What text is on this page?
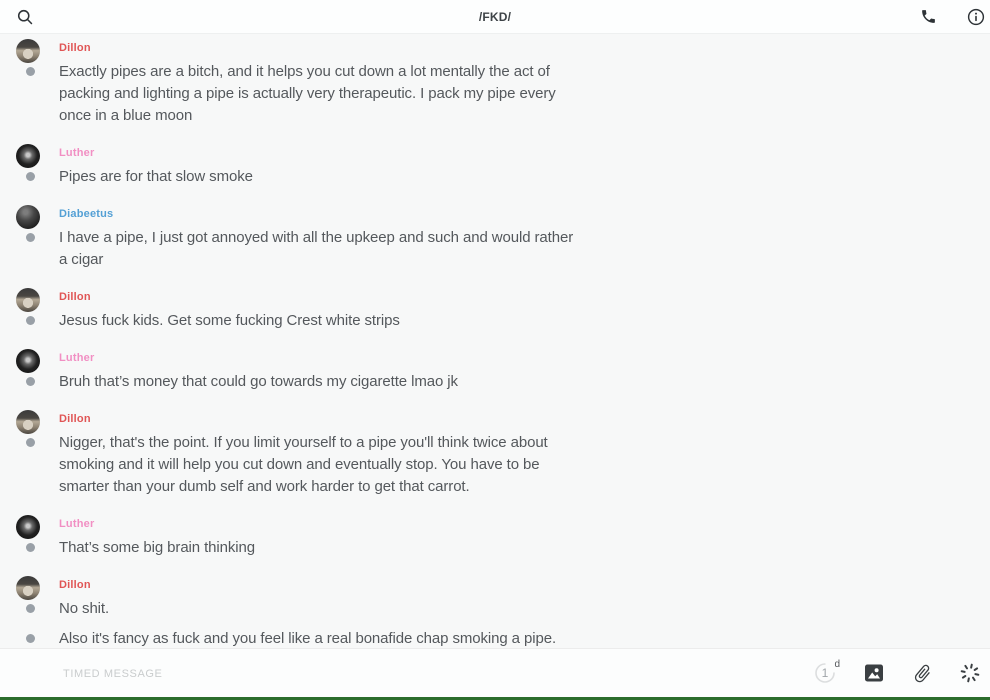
/FKD/
Dillon
Exactly pipes are a bitch, and it helps you cut down a lot mentally the act of packing and lighting a pipe is actually very therapeutic. I pack my pipe every once in a blue moon
Luther
Pipes are for that slow smoke
Diabeetus
I have a pipe, I just got annoyed with all the upkeep and such and would rather a cigar
Dillon
Jesus fuck kids. Get some fucking Crest white strips
Luther
Bruh that’s money that could go towards my cigarette lmao jk
Dillon
Nigger, that's the point. If you limit yourself to a pipe you'll think twice about smoking and it will help you cut down and eventually stop. You have to be smarter than your dumb self and work harder to get that carrot.
Luther
That’s some big brain thinking
Dillon
No shit.
Also it's fancy as fuck and you feel like a real bonafide chap smoking a pipe.
TIMED MESSAGE
1
d
